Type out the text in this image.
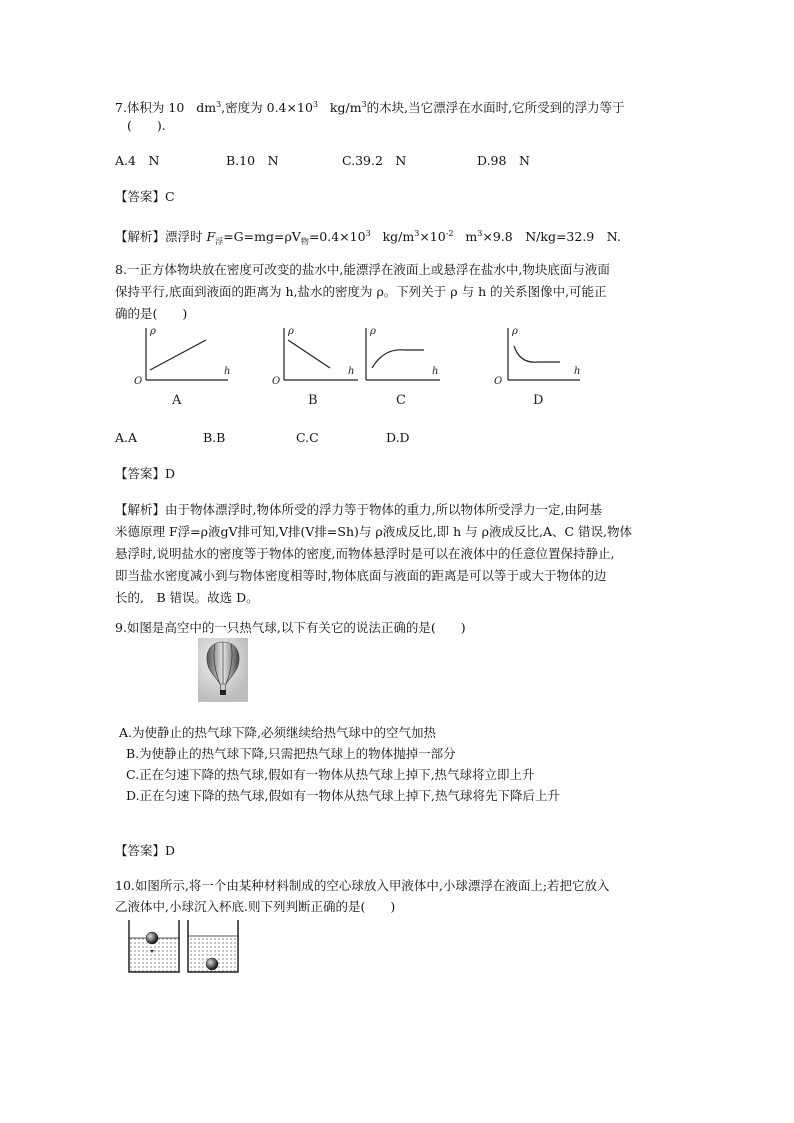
7.体积为 10 $dm^3$,密度为 $0.4\times 10^3$ $kg/m^3$的木块,当它漂浮在水面时,它所受到的浮力等于
(　　).
A.4　N	B.10　N	C.39.2　N	D.98　N
【答案】C
【解析】漂浮时 $F_浮=G=mg=\rho V_物=0.4\times 10^3$ $kg/m^3\times 10^{-2}$ $m^3\times 9.8$　N/kg=32.9　N.
8.一正方体物块放在密度可改变的盐水中,能漂浮在液面上或悬浮在盐水中,物块底面与液面
保持平行,底面到液面的距离为 h,盐水的密度为 ρ。下列关于 ρ 与 h 的关系图像中,可能正
确的是(　　)
ρ
h
O
A
ρ
h
O
B
ρ
h
C
ρ
h
O
D
A.A	B.B	C.C	D.D
【答案】D
【解析】由于物体漂浮时,物体所受的浮力等于物体的重力,所以物体所受浮力一定,由阿基
米德原理 F浮=ρ液gV排可知,V排(V排=Sh)与 ρ液成反比,即 h 与 ρ液成反比,A、C 错误,物体
悬浮时,说明盐水的密度等于物体的密度,而物体悬浮时是可以在液体中的任意位置保持静止,
即当盐水密度减小到与物体密度相等时,物体底面与液面的距离是可以等于或大于物体的边
长的,　B 错误。故选 D。
9.如图是高空中的一只热气球,以下有关它的说法正确的是(　　)
A.为使静止的热气球下降,必须继续给热气球中的空气加热
B.为使静止的热气球下降,只需把热气球上的物体抛掉一部分
C.正在匀速下降的热气球,假如有一物体从热气球上掉下,热气球将立即上升
D.正在匀速下降的热气球,假如有一物体从热气球上掉下,热气球将先下降后上升
【答案】D
10.如图所示,将一个由某种材料制成的空心球放入甲液体中,小球漂浮在液面上;若把它放入
乙液体中,小球沉入杯底.则下列判断正确的是(　　)
